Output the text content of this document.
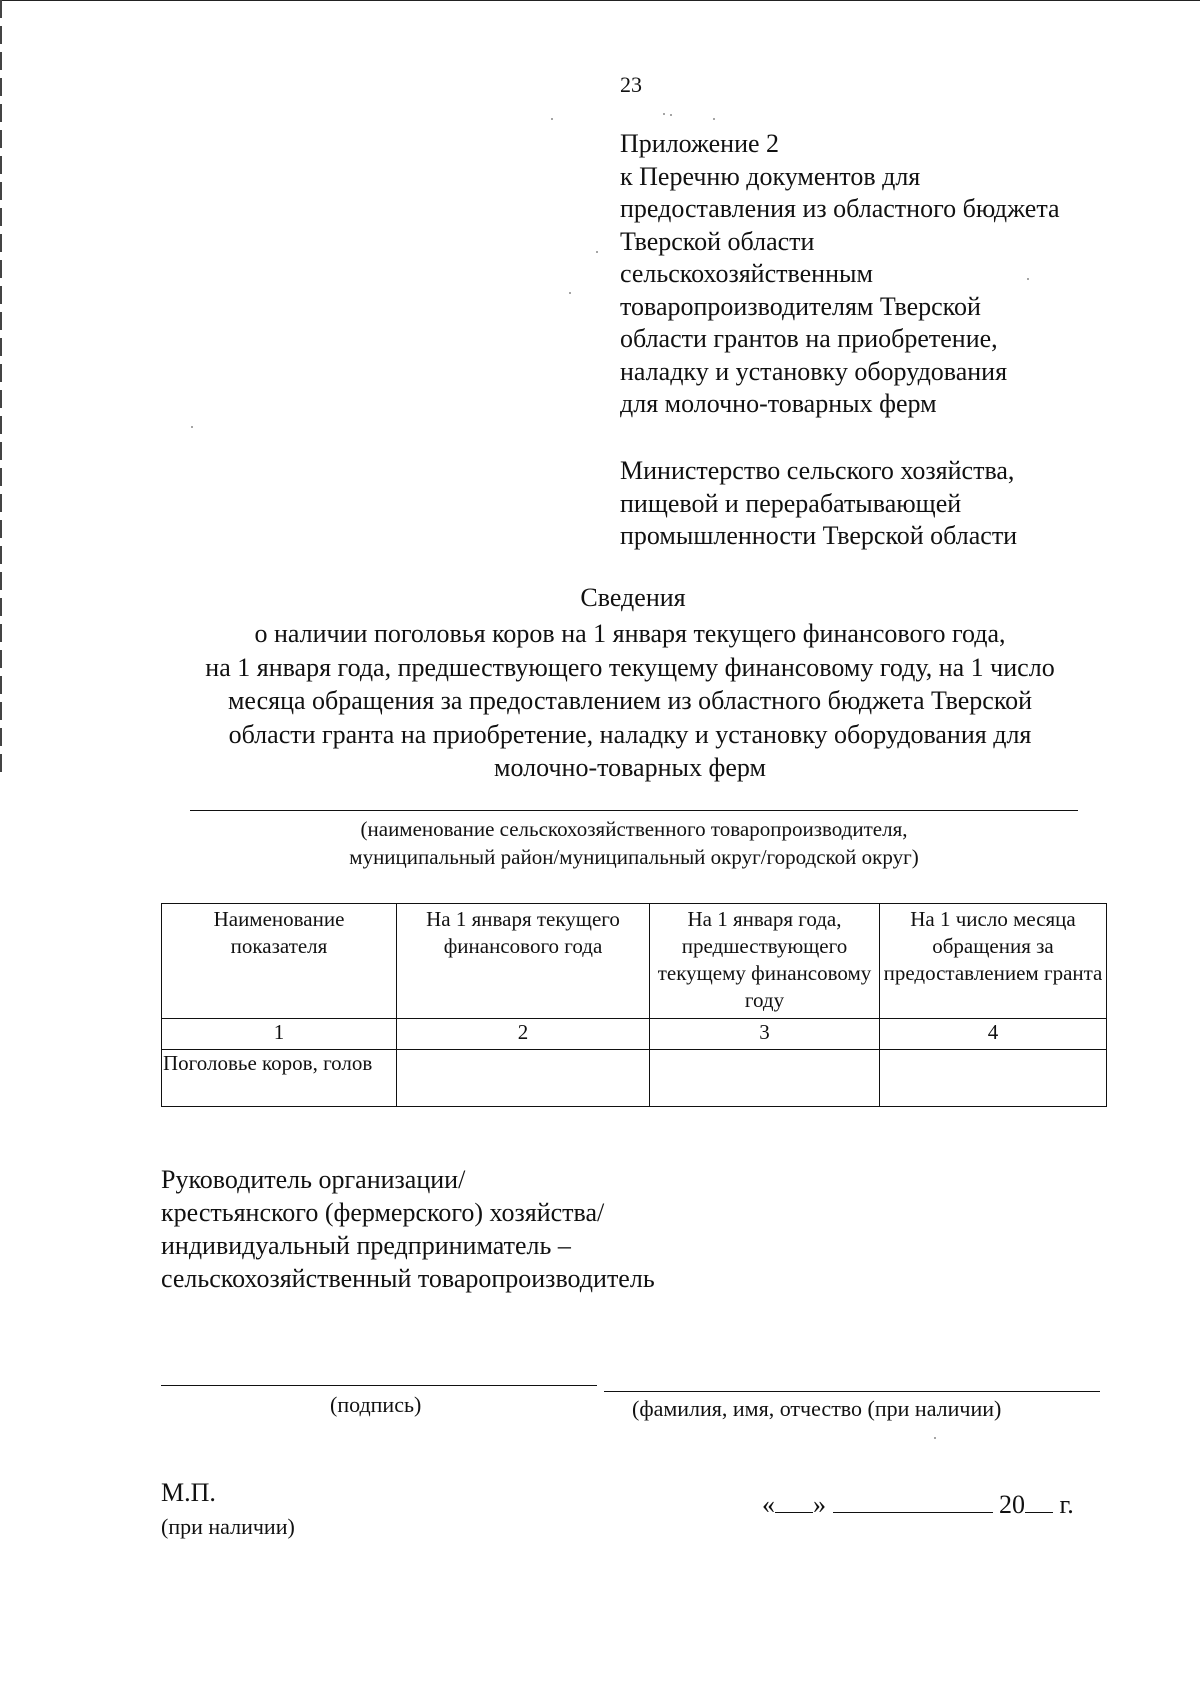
23
Приложение 2
к Перечню документов для
предоставления из областного бюджета
Тверской области
сельскохозяйственным
товаропроизводителям Тверской
области грантов на приобретение,
наладку и установку оборудования
для молочно-товарных ферм
Министерство сельского хозяйства,
пищевой и перерабатывающей
промышленности Тверской области
Сведения
о наличии поголовья коров на 1 января текущего финансового года,
на 1 января года, предшествующего текущему финансовому году, на 1 число
месяца обращения за предоставлением из областного бюджета Тверской
области гранта на приобретение, наладку и установку оборудования для
молочно-товарных ферм
(наименование сельскохозяйственного товаропроизводителя,
муниципальный район/муниципальный округ/городской округ)
Наименование показателя	На 1 января текущего финансового года	На 1 января года, предшествующего текущему финансовому году	На 1 число месяца обращения за предоставлением гранта
1	2	3	4
Поголовье коров, голов			
Руководитель организации/
крестьянского (фермерского) хозяйства/
индивидуальный предприниматель –
сельскохозяйственный товаропроизводитель
(подпись)	(фамилия, имя, отчество (при наличии)
М.П.
(при наличии)
« »	20 г.
